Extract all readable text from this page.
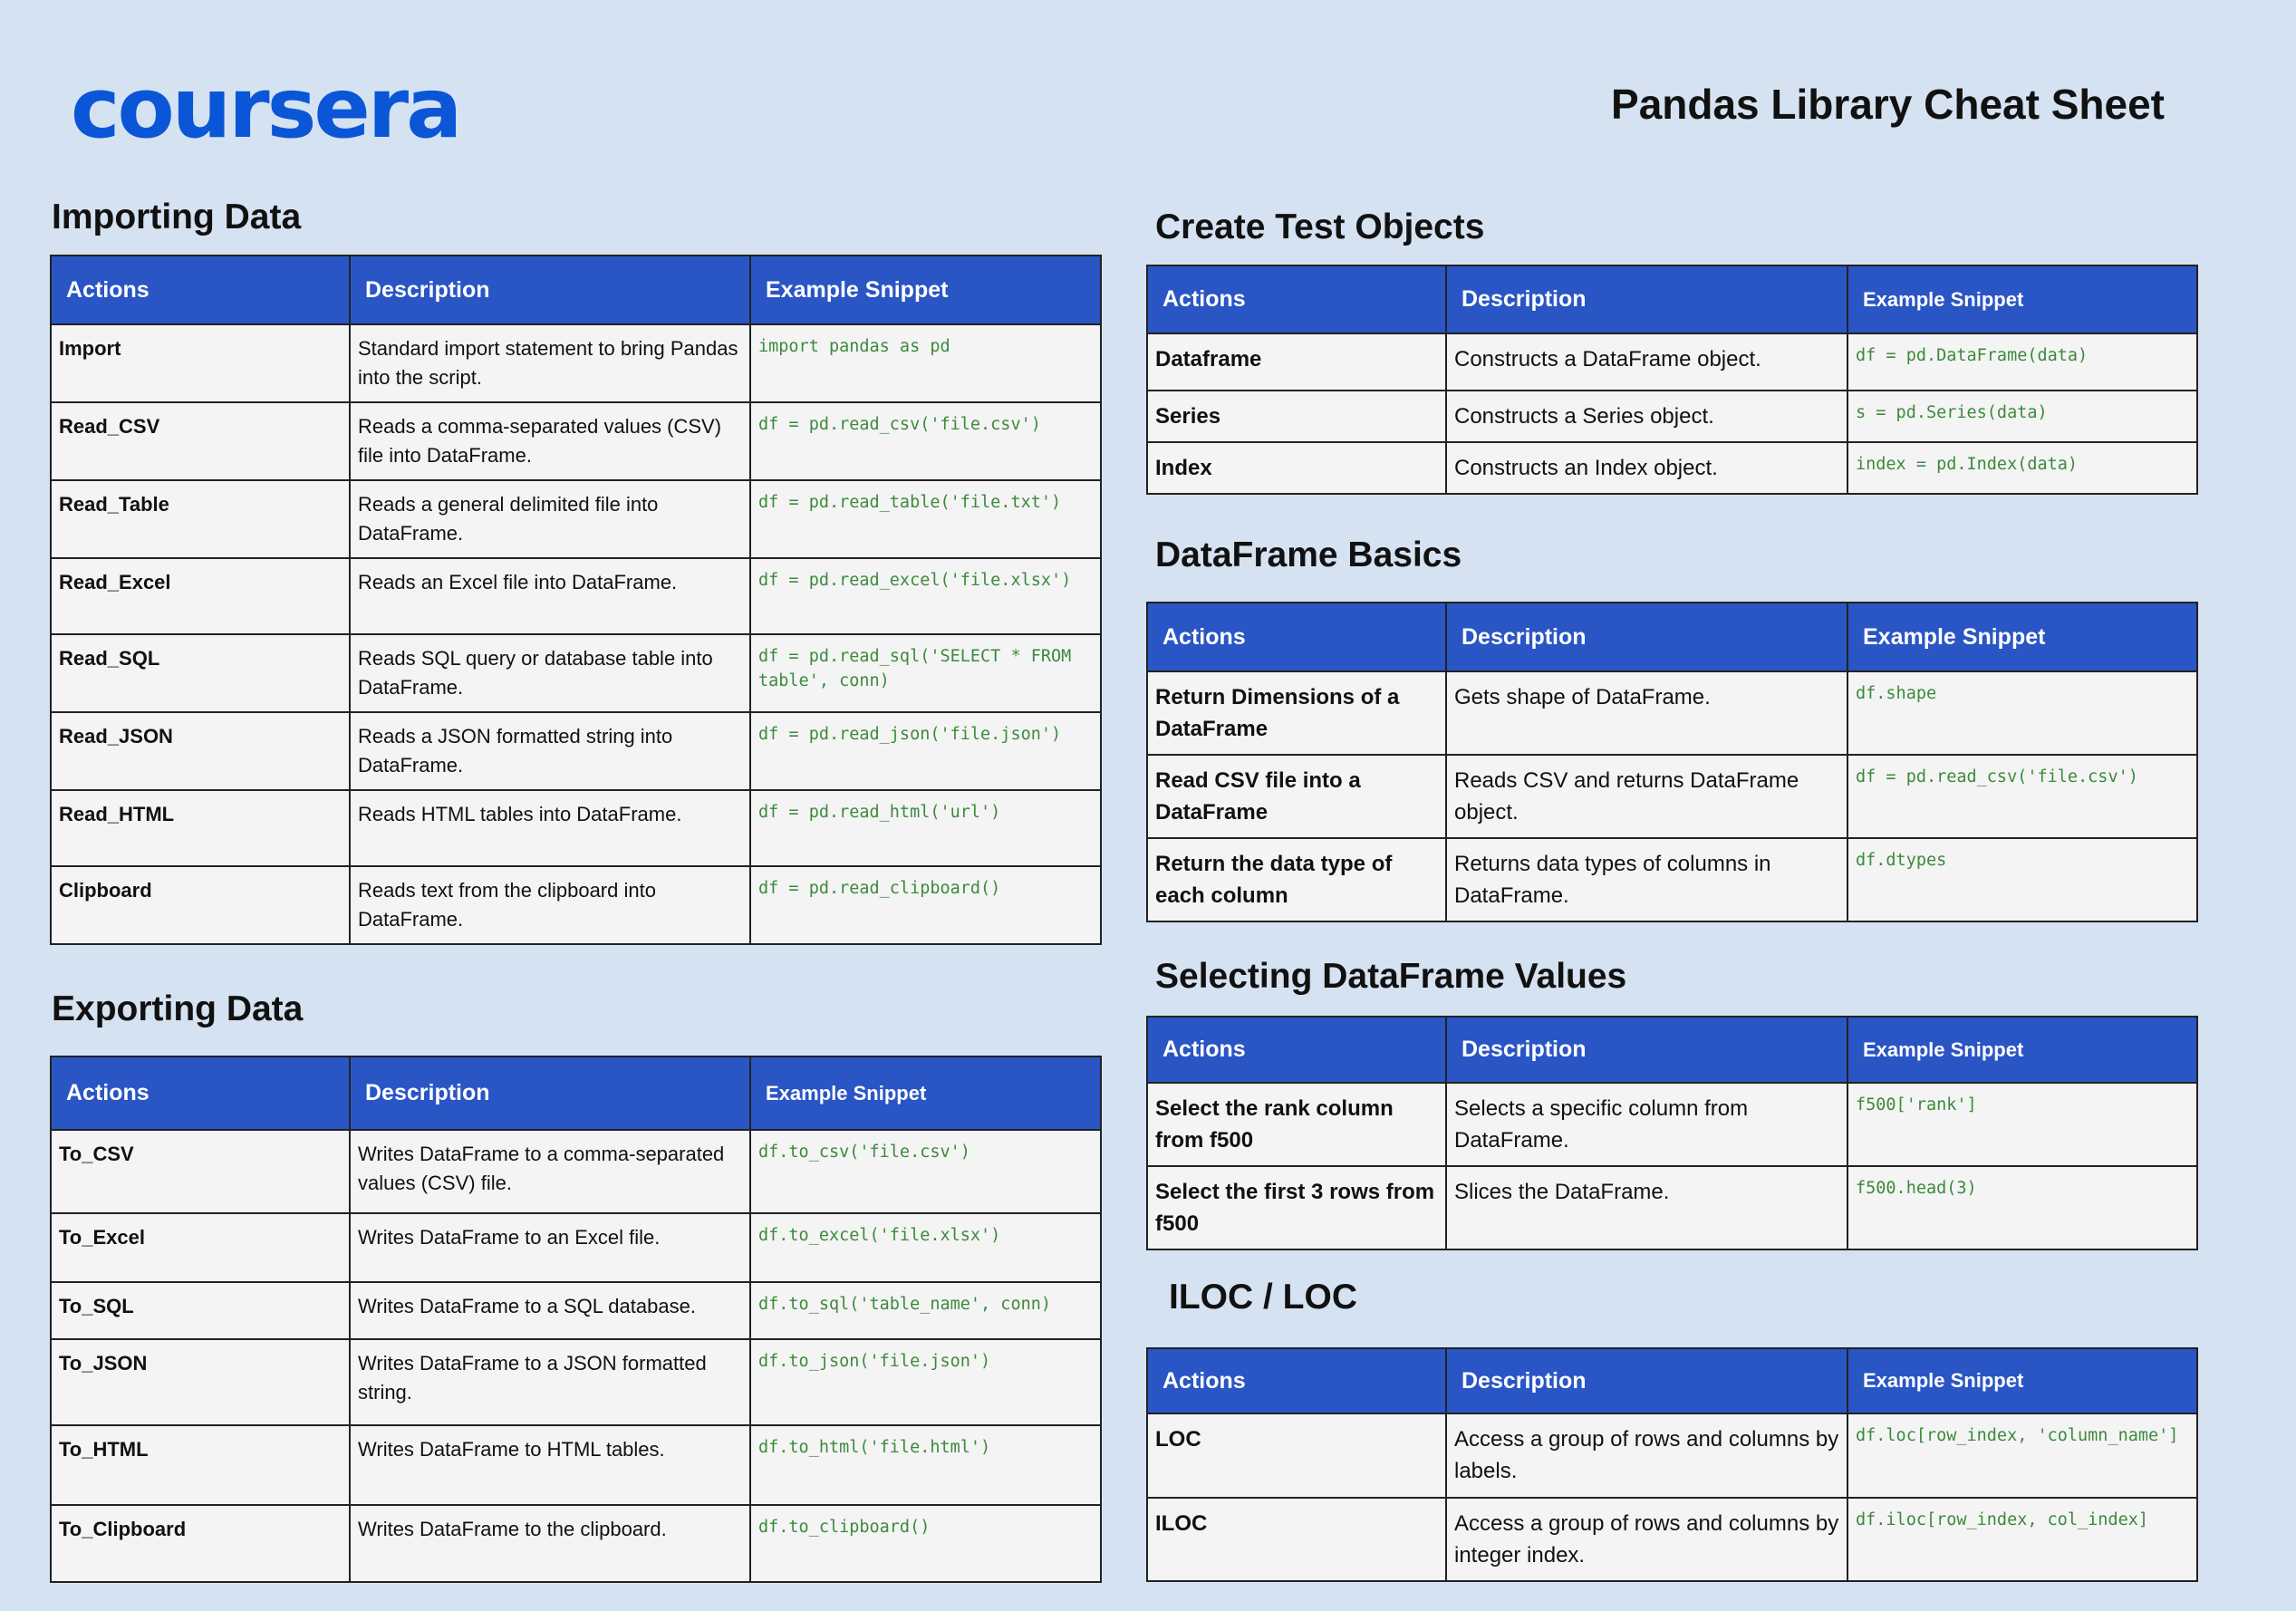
coursera	Pandas Library Cheat Sheet
Importing Data
Actions	Description	Example Snippet
Import	Standard import statement to bring Pandas into the script.	import pandas as pd
Read_CSV	Reads a comma-separated values (CSV) file into DataFrame.	df = pd.read_csv('file.csv')
Read_Table	Reads a general delimited file into DataFrame.	df = pd.read_table('file.txt')
Read_Excel	Reads an Excel file into DataFrame.	df = pd.read_excel('file.xlsx')
Read_SQL	Reads SQL query or database table into DataFrame.	df = pd.read_sql('SELECT * FROM table', conn)
Read_JSON	Reads a JSON formatted string into DataFrame.	df = pd.read_json('file.json')
Read_HTML	Reads HTML tables into DataFrame.	df = pd.read_html('url')
Clipboard	Reads text from the clipboard into DataFrame.	df = pd.read_clipboard()
Exporting Data
Actions	Description	Example Snippet
To_CSV	Writes DataFrame to a comma-separated values (CSV) file.	df.to_csv('file.csv')
To_Excel	Writes DataFrame to an Excel file.	df.to_excel('file.xlsx')
To_SQL	Writes DataFrame to a SQL database.	df.to_sql('table_name', conn)
To_JSON	Writes DataFrame to a JSON formatted string.	df.to_json('file.json')
To_HTML	Writes DataFrame to HTML tables.	df.to_html('file.html')
To_Clipboard	Writes DataFrame to the clipboard.	df.to_clipboard()
Create Test Objects
Actions	Description	Example Snippet
Dataframe	Constructs a DataFrame object.	df = pd.DataFrame(data)
Series	Constructs a Series object.	s = pd.Series(data)
Index	Constructs an Index object.	index = pd.Index(data)
DataFrame Basics
Actions	Description	Example Snippet
Return Dimensions of a DataFrame	Gets shape of DataFrame.	df.shape
Read CSV file into a DataFrame	Reads CSV and returns DataFrame object.	df = pd.read_csv('file.csv')
Return the data type of each column	Returns data types of columns in DataFrame.	df.dtypes
Selecting DataFrame Values
Actions	Description	Example Snippet
Select the rank column from f500	Selects a specific column from DataFrame.	f500['rank']
Select the first 3 rows from f500	Slices the DataFrame.	f500.head(3)
ILOC / LOC
Actions	Description	Example Snippet
LOC	Access a group of rows and columns by labels.	df.loc[row_index, 'column_name']
ILOC	Access a group of rows and columns by integer index.	df.iloc[row_index, col_index]
